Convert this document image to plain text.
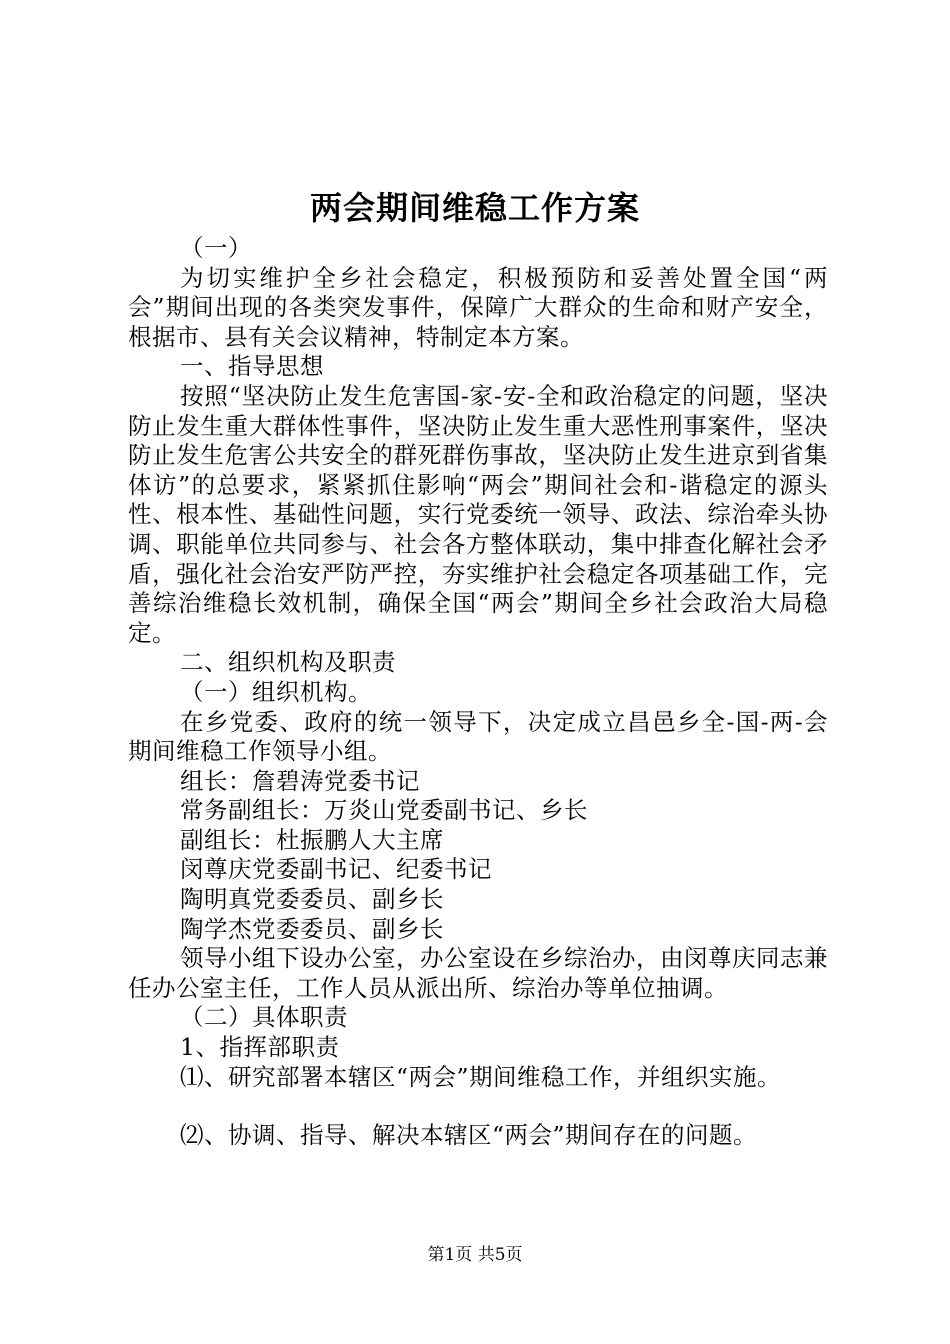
两会期间维稳工作方案

（一）

为切实维护全乡社会稳定，积极预防和妥善处置全国“两会”期间出现的各类突发事件，保障广大群众的生命和财产安全，根据市、县有关会议精神，特制定本方案。

一、指导思想

按照“坚决防止发生危害国-家-安-全和政治稳定的问题，坚决防止发生重大群体性事件，坚决防止发生重大恶性刑事案件，坚决防止发生危害公共安全的群死群伤事故，坚决防止发生进京到省集体访”的总要求，紧紧抓住影响“两会”期间社会和-谐稳定的源头性、根本性、基础性问题，实行党委统一领导、政法、综治牵头协调、职能单位共同参与、社会各方整体联动，集中排查化解社会矛盾，强化社会治安严防严控，夯实维护社会稳定各项基础工作，完善综治维稳长效机制，确保全国“两会”期间全乡社会政治大局稳定。

二、组织机构及职责

（一）组织机构。

在乡党委、政府的统一领导下，决定成立昌邑乡全-国-两-会期间维稳工作领导小组。

组长：詹碧涛党委书记

常务副组长：万炎山党委副书记、乡长

副组长：杜振鹏人大主席

闵尊庆党委副书记、纪委书记

陶明真党委委员、副乡长

陶学杰党委委员、副乡长

领导小组下设办公室，办公室设在乡综治办，由闵尊庆同志兼任办公室主任，工作人员从派出所、综治办等单位抽调。

（二）具体职责

1、指挥部职责

⑴、研究部署本辖区“两会”期间维稳工作，并组织实施。

⑵、协调、指导、解决本辖区“两会”期间存在的问题。

第1页 共5页
